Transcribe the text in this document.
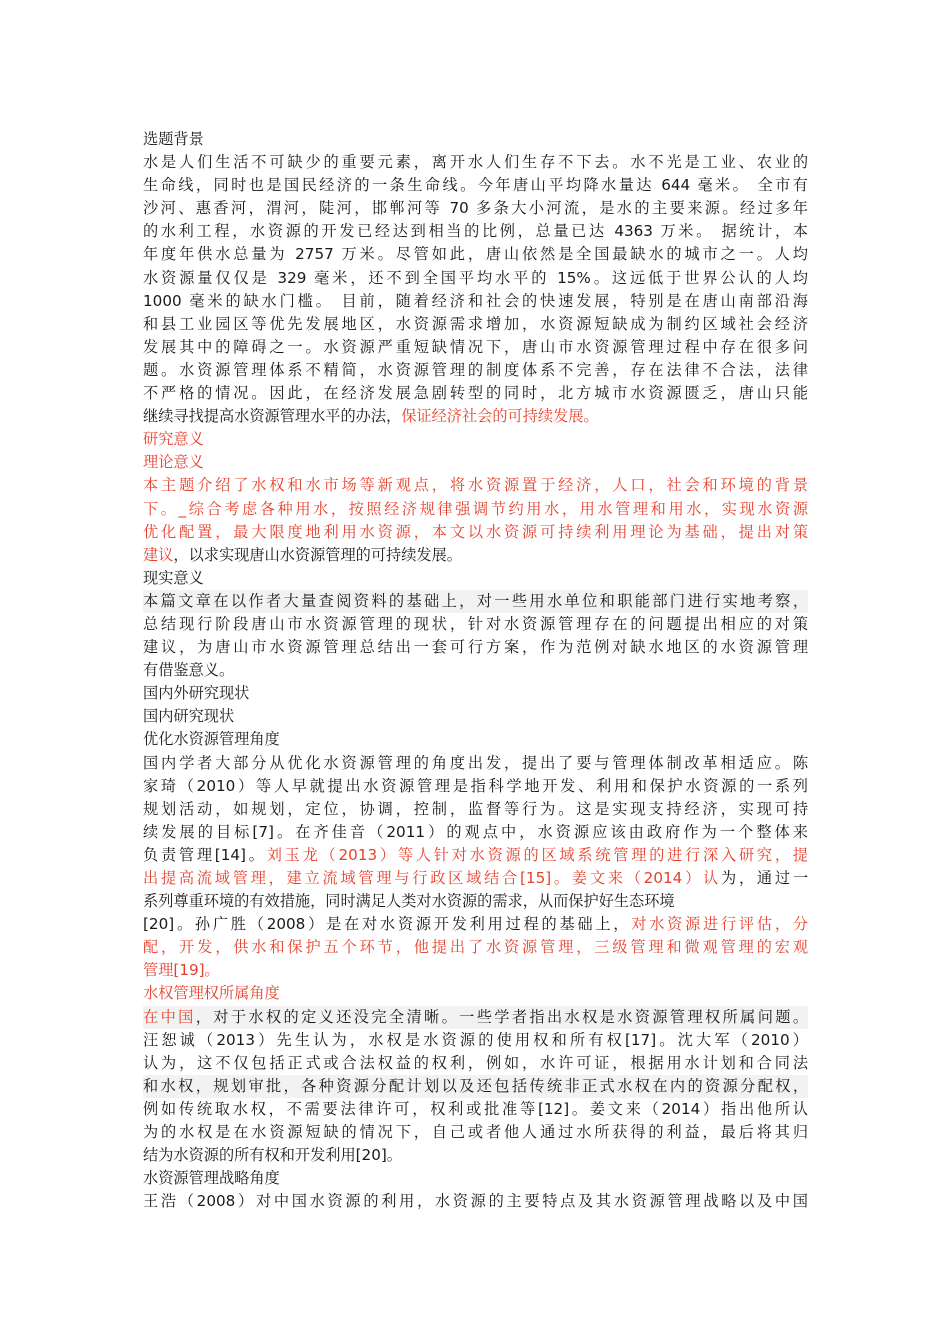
选题背景
水是人们生活不可缺少的重要元素，离开水人们生存不下去。水不光是工业、农业的
生命线，同时也是国民经济的一条生命线。今年唐山平均降水量达 644 毫米。 全市有
沙河、惠香河，渭河，陡河，邯郸河等 70 多条大小河流，是水的主要来源。经过多年
的水利工程，水资源的开发已经达到相当的比例，总量已达 4363 万米。 据统计，本
年度年供水总量为 2757 万米。尽管如此，唐山依然是全国最缺水的城市之一。人均
水资源量仅仅是 329 毫米，还不到全国平均水平的 15%。这远低于世界公认的人均
1000 毫米的缺水门槛。 目前，随着经济和社会的快速发展，特别是在唐山南部沿海
和县工业园区等优先发展地区，水资源需求增加，水资源短缺成为制约区域社会经济
发展其中的障碍之一。水资源严重短缺情况下，唐山市水资源管理过程中存在很多问
题。水资源管理体系不精简，水资源管理的制度体系不完善，存在法律不合法，法律
不严格的情况。因此，在经济发展急剧转型的同时，北方城市水资源匮乏，唐山只能
继续寻找提高水资源管理水平的办法，保证经济社会的可持续发展。
研究意义
理论意义
本主题介绍了水权和水市场等新观点，将水资源置于经济，人口，社会和环境的背景
下。_综合考虑各种用水，按照经济规律强调节约用水，用水管理和用水，实现水资源
优化配置，最大限度地利用水资源，本文以水资源可持续利用理论为基础，提出对策
建议，以求实现唐山水资源管理的可持续发展。
现实意义
本篇文章在以作者大量查阅资料的基础上，对一些用水单位和职能部门进行实地考察，
总结现行阶段唐山市水资源管理的现状，针对水资源管理存在的问题提出相应的对策
建议，为唐山市水资源管理总结出一套可行方案，作为范例对缺水地区的水资源管理
有借鉴意义。
国内外研究现状
国内研究现状
优化水资源管理角度
国内学者大部分从优化水资源管理的角度出发，提出了要与管理体制改革相适应。陈
家琦（2010）等人早就提出水资源管理是指科学地开发、利用和保护水资源的一系列
规划活动，如规划，定位，协调，控制，监督等行为。这是实现支持经济，实现可持
续发展的目标[7]。在齐佳音（2011）的观点中，水资源应该由政府作为一个整体来
负责管理[14]。刘玉龙（2013）等人针对水资源的区域系统管理的进行深入研究，提
出提高流域管理，建立流域管理与行政区域结合[15]。姜文来（2014）认为，通过一
系列尊重环境的有效措施，同时满足人类对水资源的需求，从而保护好生态环境
[20]。孙广胜（2008）是在对水资源开发利用过程的基础上，对水资源进行评估，分
配，开发，供水和保护五个环节，他提出了水资源管理，三级管理和微观管理的宏观
管理[19]。
水权管理权所属角度
在中国，对于水权的定义还没完全清晰。一些学者指出水权是水资源管理权所属问题。
汪恕诚（2013）先生认为，水权是水资源的使用权和所有权[17]。沈大军（2010）
认为，这不仅包括正式或合法权益的权利，例如，水许可证，根据用水计划和合同法
和水权，规划审批，各种资源分配计划以及还包括传统非正式水权在内的资源分配权，
例如传统取水权，不需要法律许可，权利或批准等[12]。姜文来（2014）指出他所认
为的水权是在水资源短缺的情况下，自己或者他人通过水所获得的利益，最后将其归
结为水资源的所有权和开发利用[20]。
水资源管理战略角度
王浩（2008）对中国水资源的利用，水资源的主要特点及其水资源管理战略以及中国
